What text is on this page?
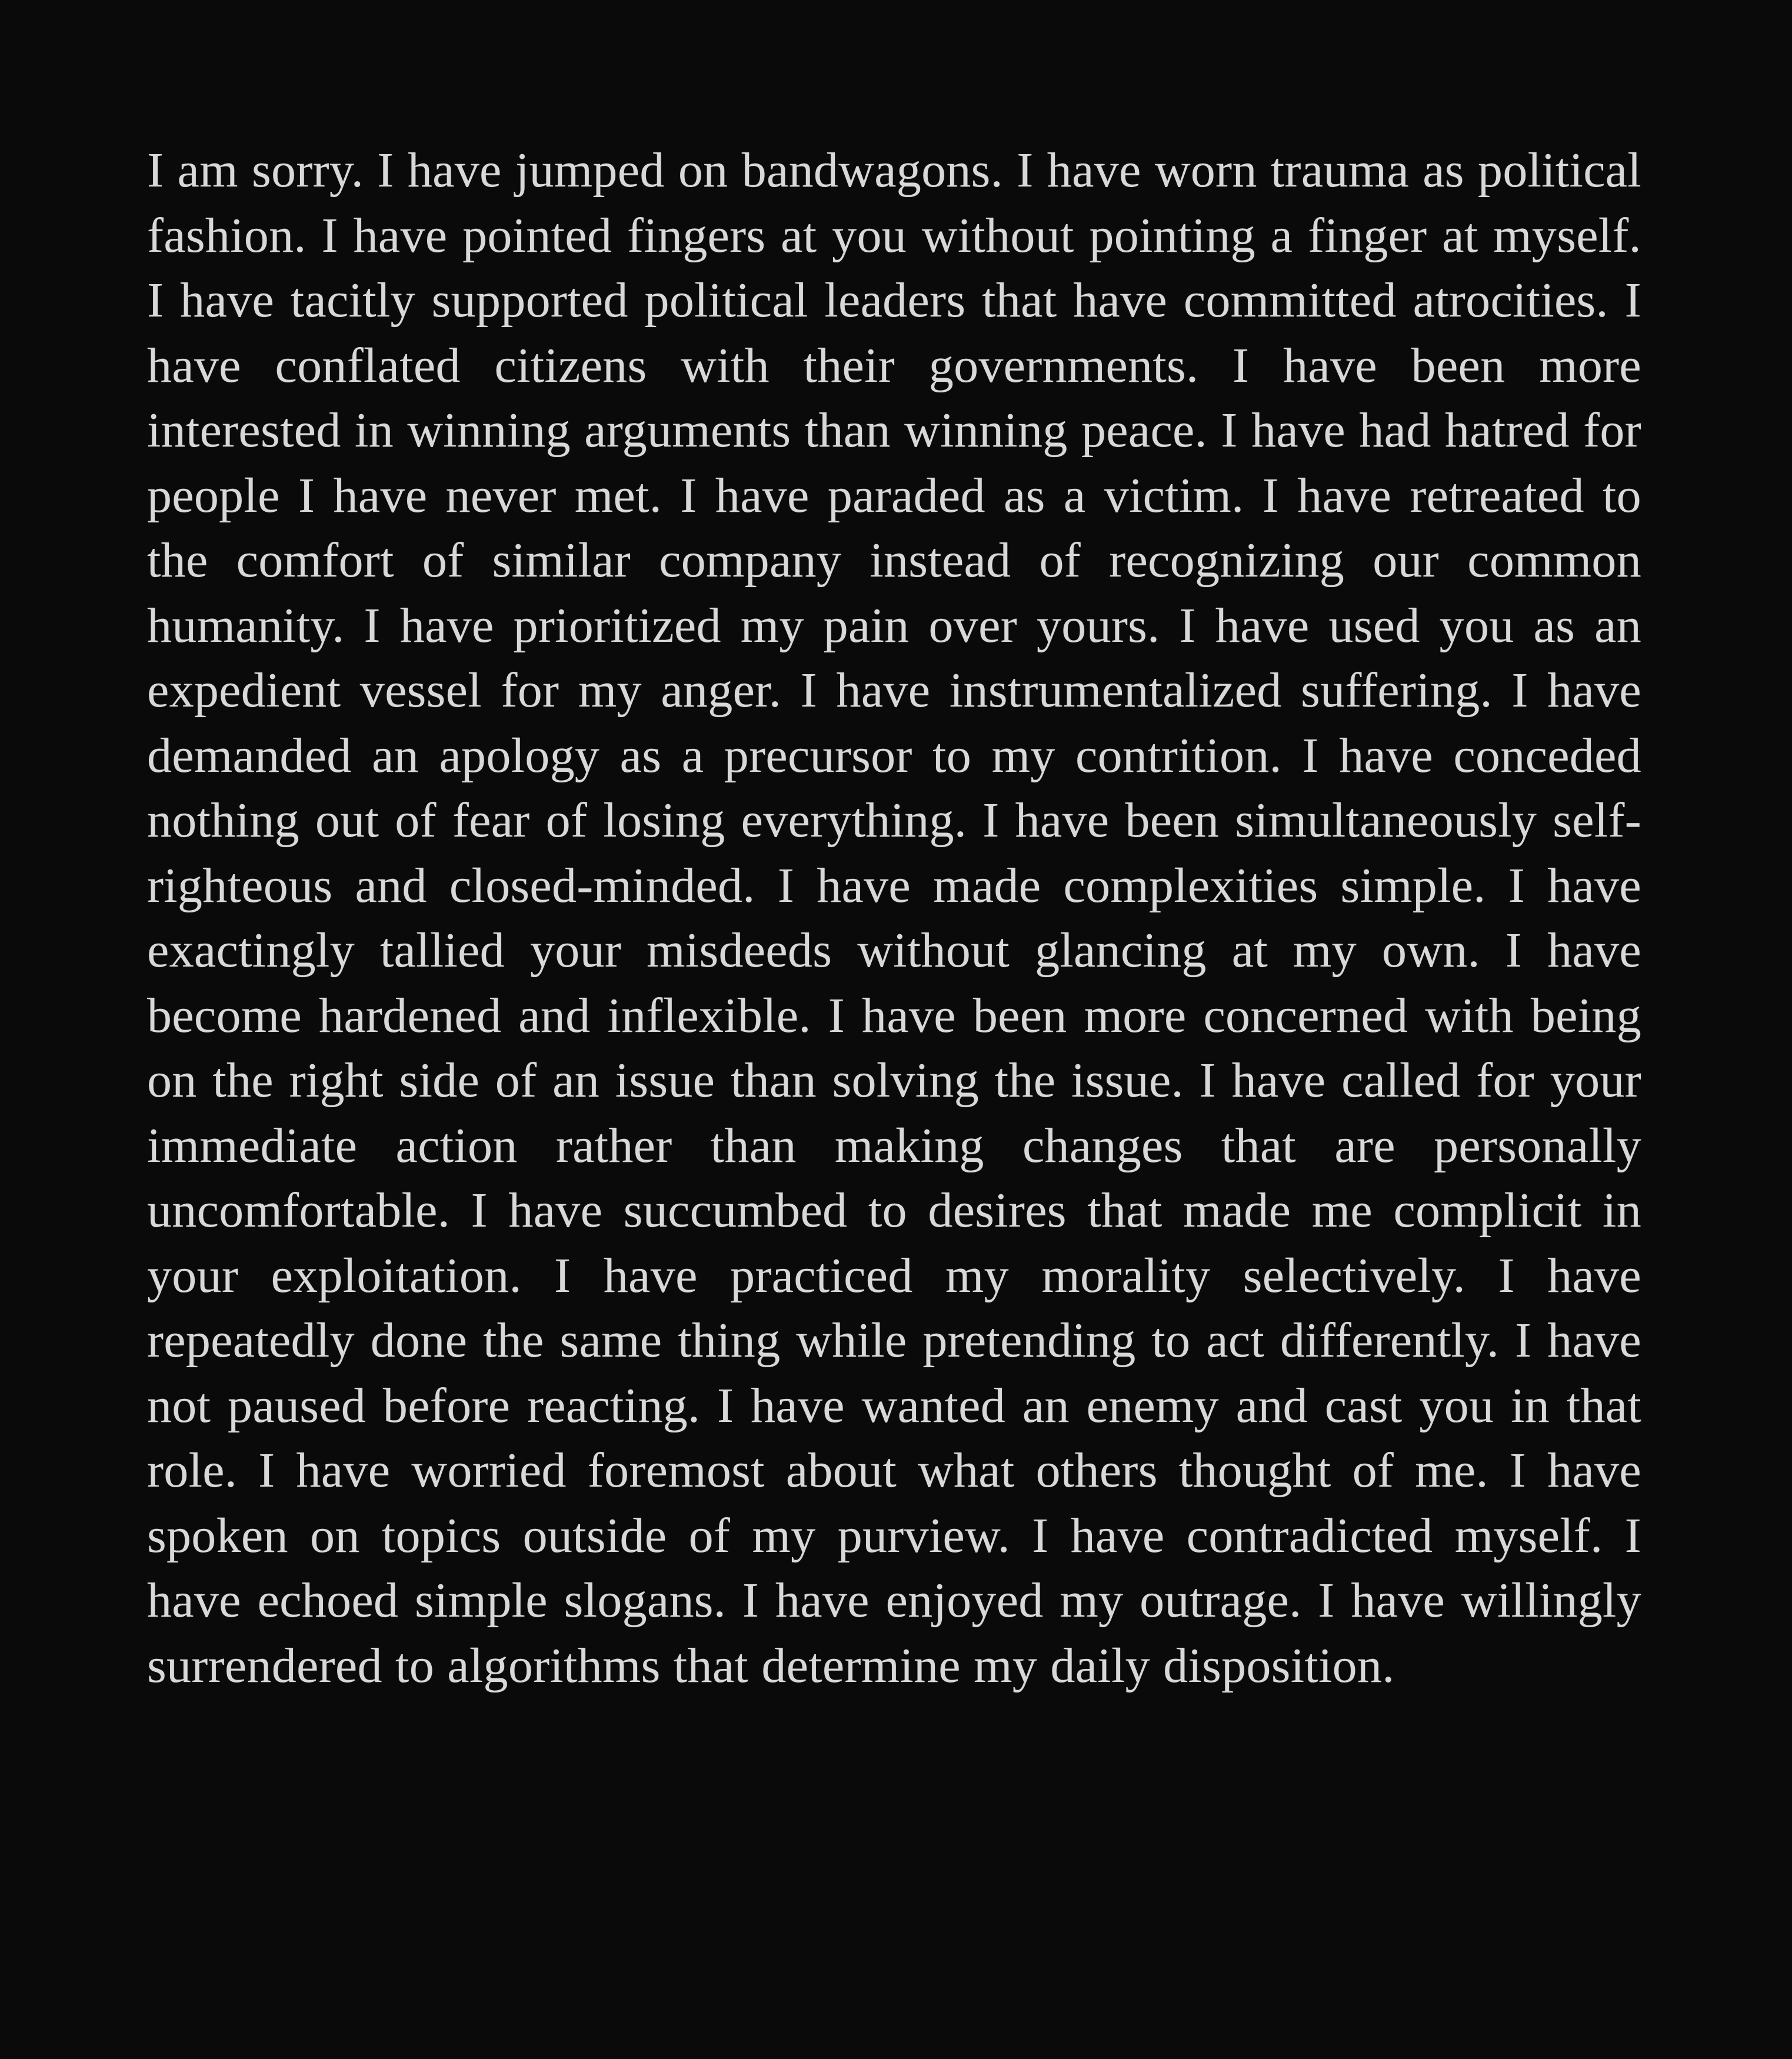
I am sorry. I have jumped on bandwagons. I have worn trauma as political fashion. I have pointed fingers at you without pointing a finger at myself. I have tacitly supported political leaders that have committed atrocities. I have conflated citizens with their governments. I have been more interested in winning arguments than winning peace. I have had hatred for people I have never met. I have paraded as a victim. I have retreated to the comfort of similar company instead of recognizing our common humanity. I have prioritized my pain over yours. I have used you as an expedient vessel for my anger. I have instrumentalized suffering. I have demanded an apology as a precursor to my contrition. I have conceded nothing out of fear of losing everything. I have been simultaneously self-righteous and closed-minded. I have made complexities simple. I have exactingly tallied your misdeeds without glancing at my own. I have become hardened and inflexible. I have been more concerned with being on the right side of an issue than solving the issue. I have called for your immediate action rather than making changes that are personally uncomfortable. I have succumbed to desires that made me complicit in your exploitation. I have practiced my morality selectively. I have repeatedly done the same thing while pretending to act differently. I have not paused before reacting. I have wanted an enemy and cast you in that role. I have worried foremost about what others thought of me. I have spoken on topics outside of my purview. I have contradicted myself. I have echoed simple slogans. I have enjoyed my outrage. I have willingly surrendered to algorithms that determine my daily disposition.
